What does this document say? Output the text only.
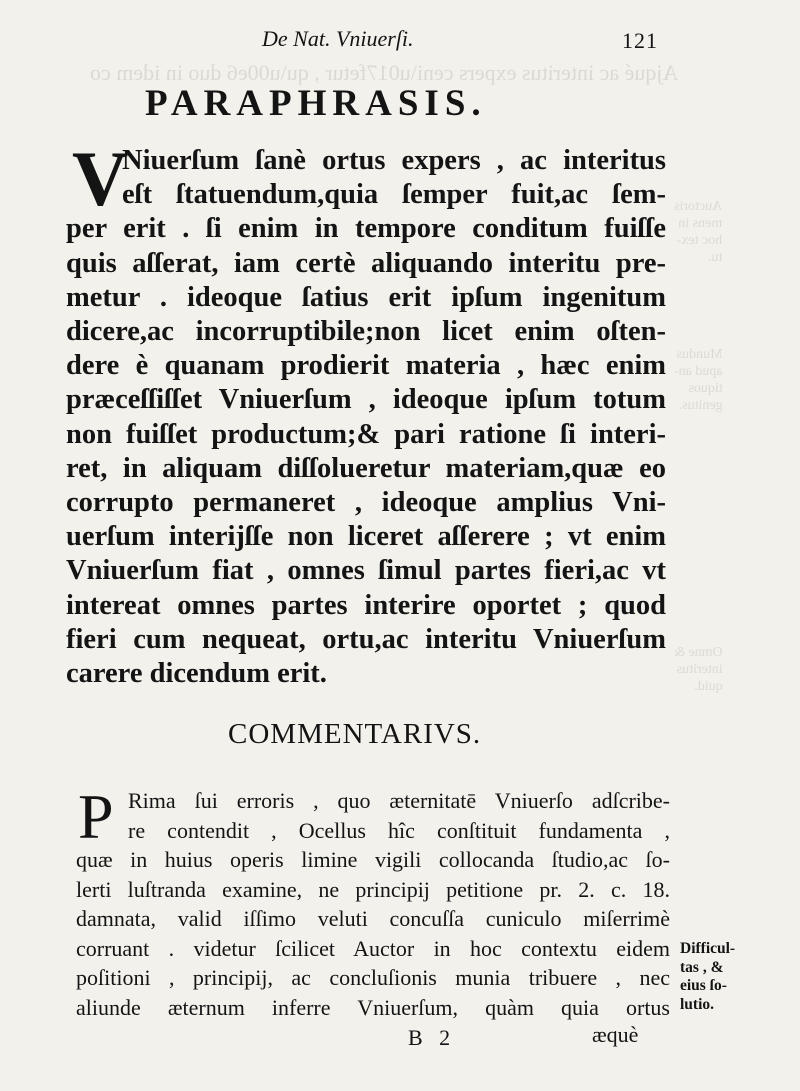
Ajqué ac interitus expers ceni\u017fetur , qu\u00e6 duo in idem co
Auctoris
mens in
hoc tex-
tu.
Mundus
apud an-
tiquos
genitus.
Omne &
interitus
quid.
De Nat. Vniuerſi.	121
PARAPHRASIS.
V
Niuerſum ſanè ortus expers , ac interitus
eſt ſtatuendum,quia ſemper fuit,ac ſem-
per erit . ſi enim in tempore conditum fuiſſe
quis aſſerat, iam certè aliquando interitu pre-
metur . ideoque ſatius erit ipſum ingenitum
dicere,ac incorruptibile;non licet enim oſten-
dere è quanam prodierit materia , hæc enim
præceſſiſſet Vniuerſum , ideoque ipſum totum
non fuiſſet productum;& pari ratione ſi interi-
ret, in aliquam diſſolueretur materiam,quæ eo
corrupto permaneret , ideoque amplius Vni-
uerſum interijſſe non liceret aſſerere ; vt enim
Vniuerſum fiat , omnes ſimul partes fieri,ac vt
intereat omnes partes interire oportet ; quod
fieri cum nequeat, ortu,ac interitu Vniuerſum
carere dicendum erit.
COMMENTARIVS.
P Rima ſui erroris , quo æternitatē Vniuerſo adſcribe-
re contendit , Ocellus hîc conſtituit fundamenta ,
quæ in huius operis limine vigili collocanda ſtudio,ac ſo-
lerti luſtranda examine, ne principij petitione pr. 2. c. 18.
damnata, valid iſſimo veluti concuſſa cuniculo miſerrimè
corruant . videtur ſcilicet Auctor in hoc contextu eidem
poſitioni , principij, ac concluſionis munia tribuere , nec
aliunde æternum inferre Vniuerſum, quàm quia ortus
Difficul-
tas , &
eius ſo-
lutio.
B   2	æquè
